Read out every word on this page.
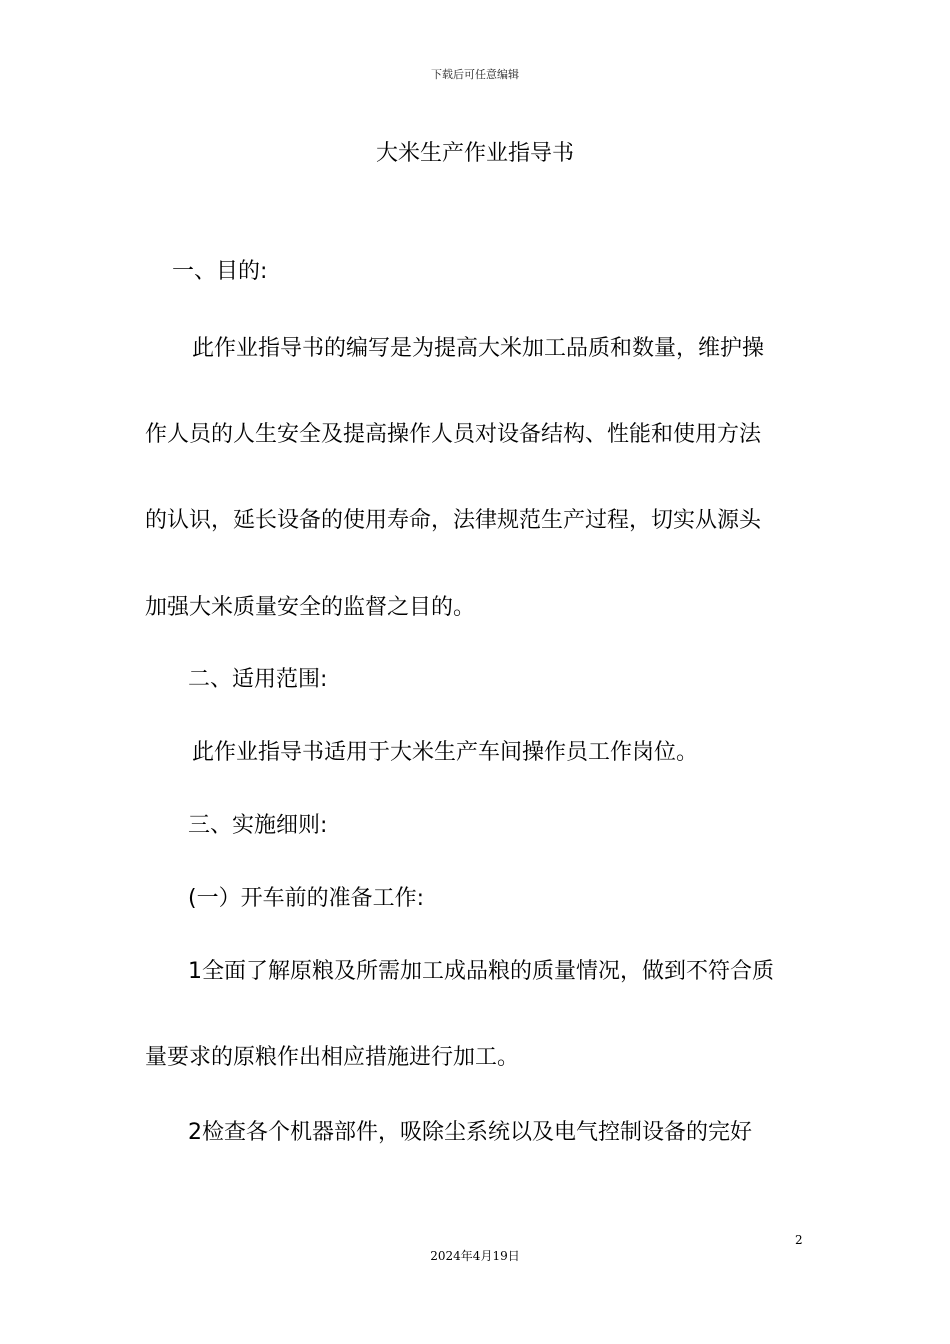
下载后可任意编辑
大米生产作业指导书
一、目的:
此作业指导书的编写是为提高大米加工品质和数量，维护操
作人员的人生安全及提高操作人员对设备结构、性能和使用方法
的认识，延长设备的使用寿命，法律规范生产过程，切实从源头
加强大米质量安全的监督之目的。
二、适用范围:
此作业指导书适用于大米生产车间操作员工作岗位。
三、实施细则:
(一）开车前的准备工作:
1全面了解原粮及所需加工成品粮的质量情况，做到不符合质
量要求的原粮作出相应措施进行加工。
2检查各个机器部件，吸除尘系统以及电气控制设备的完好
2
2024年4月19日
